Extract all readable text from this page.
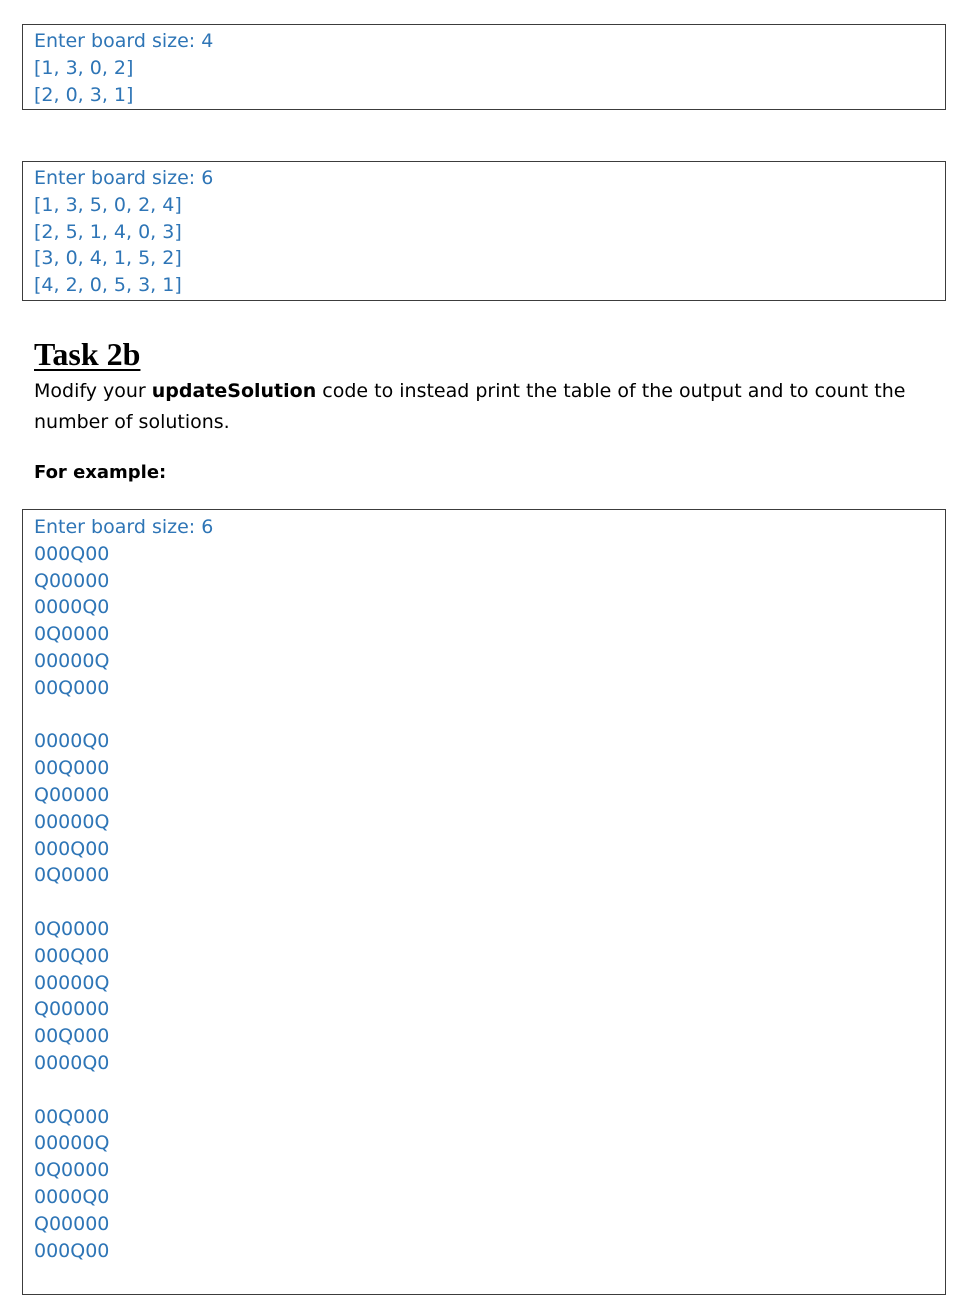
Enter board size: 4
[1, 3, 0, 2]
[2, 0, 3, 1]
Enter board size: 6
[1, 3, 5, 0, 2, 4]
[2, 5, 1, 4, 0, 3]
[3, 0, 4, 1, 5, 2]
[4, 2, 0, 5, 3, 1]
Task 2b

Modify your updateSolution code to instead print the table of the output and to count the number of solutions.

For example:

Enter board size: 6
000Q00
Q00000
0000Q0
0Q0000
00000Q
00Q000
0000Q0
00Q000
Q00000
00000Q
000Q00
0Q0000
0Q0000
000Q00
00000Q
Q00000
00Q000
0000Q0
00Q000
00000Q
0Q0000
0000Q0
Q00000
000Q00
